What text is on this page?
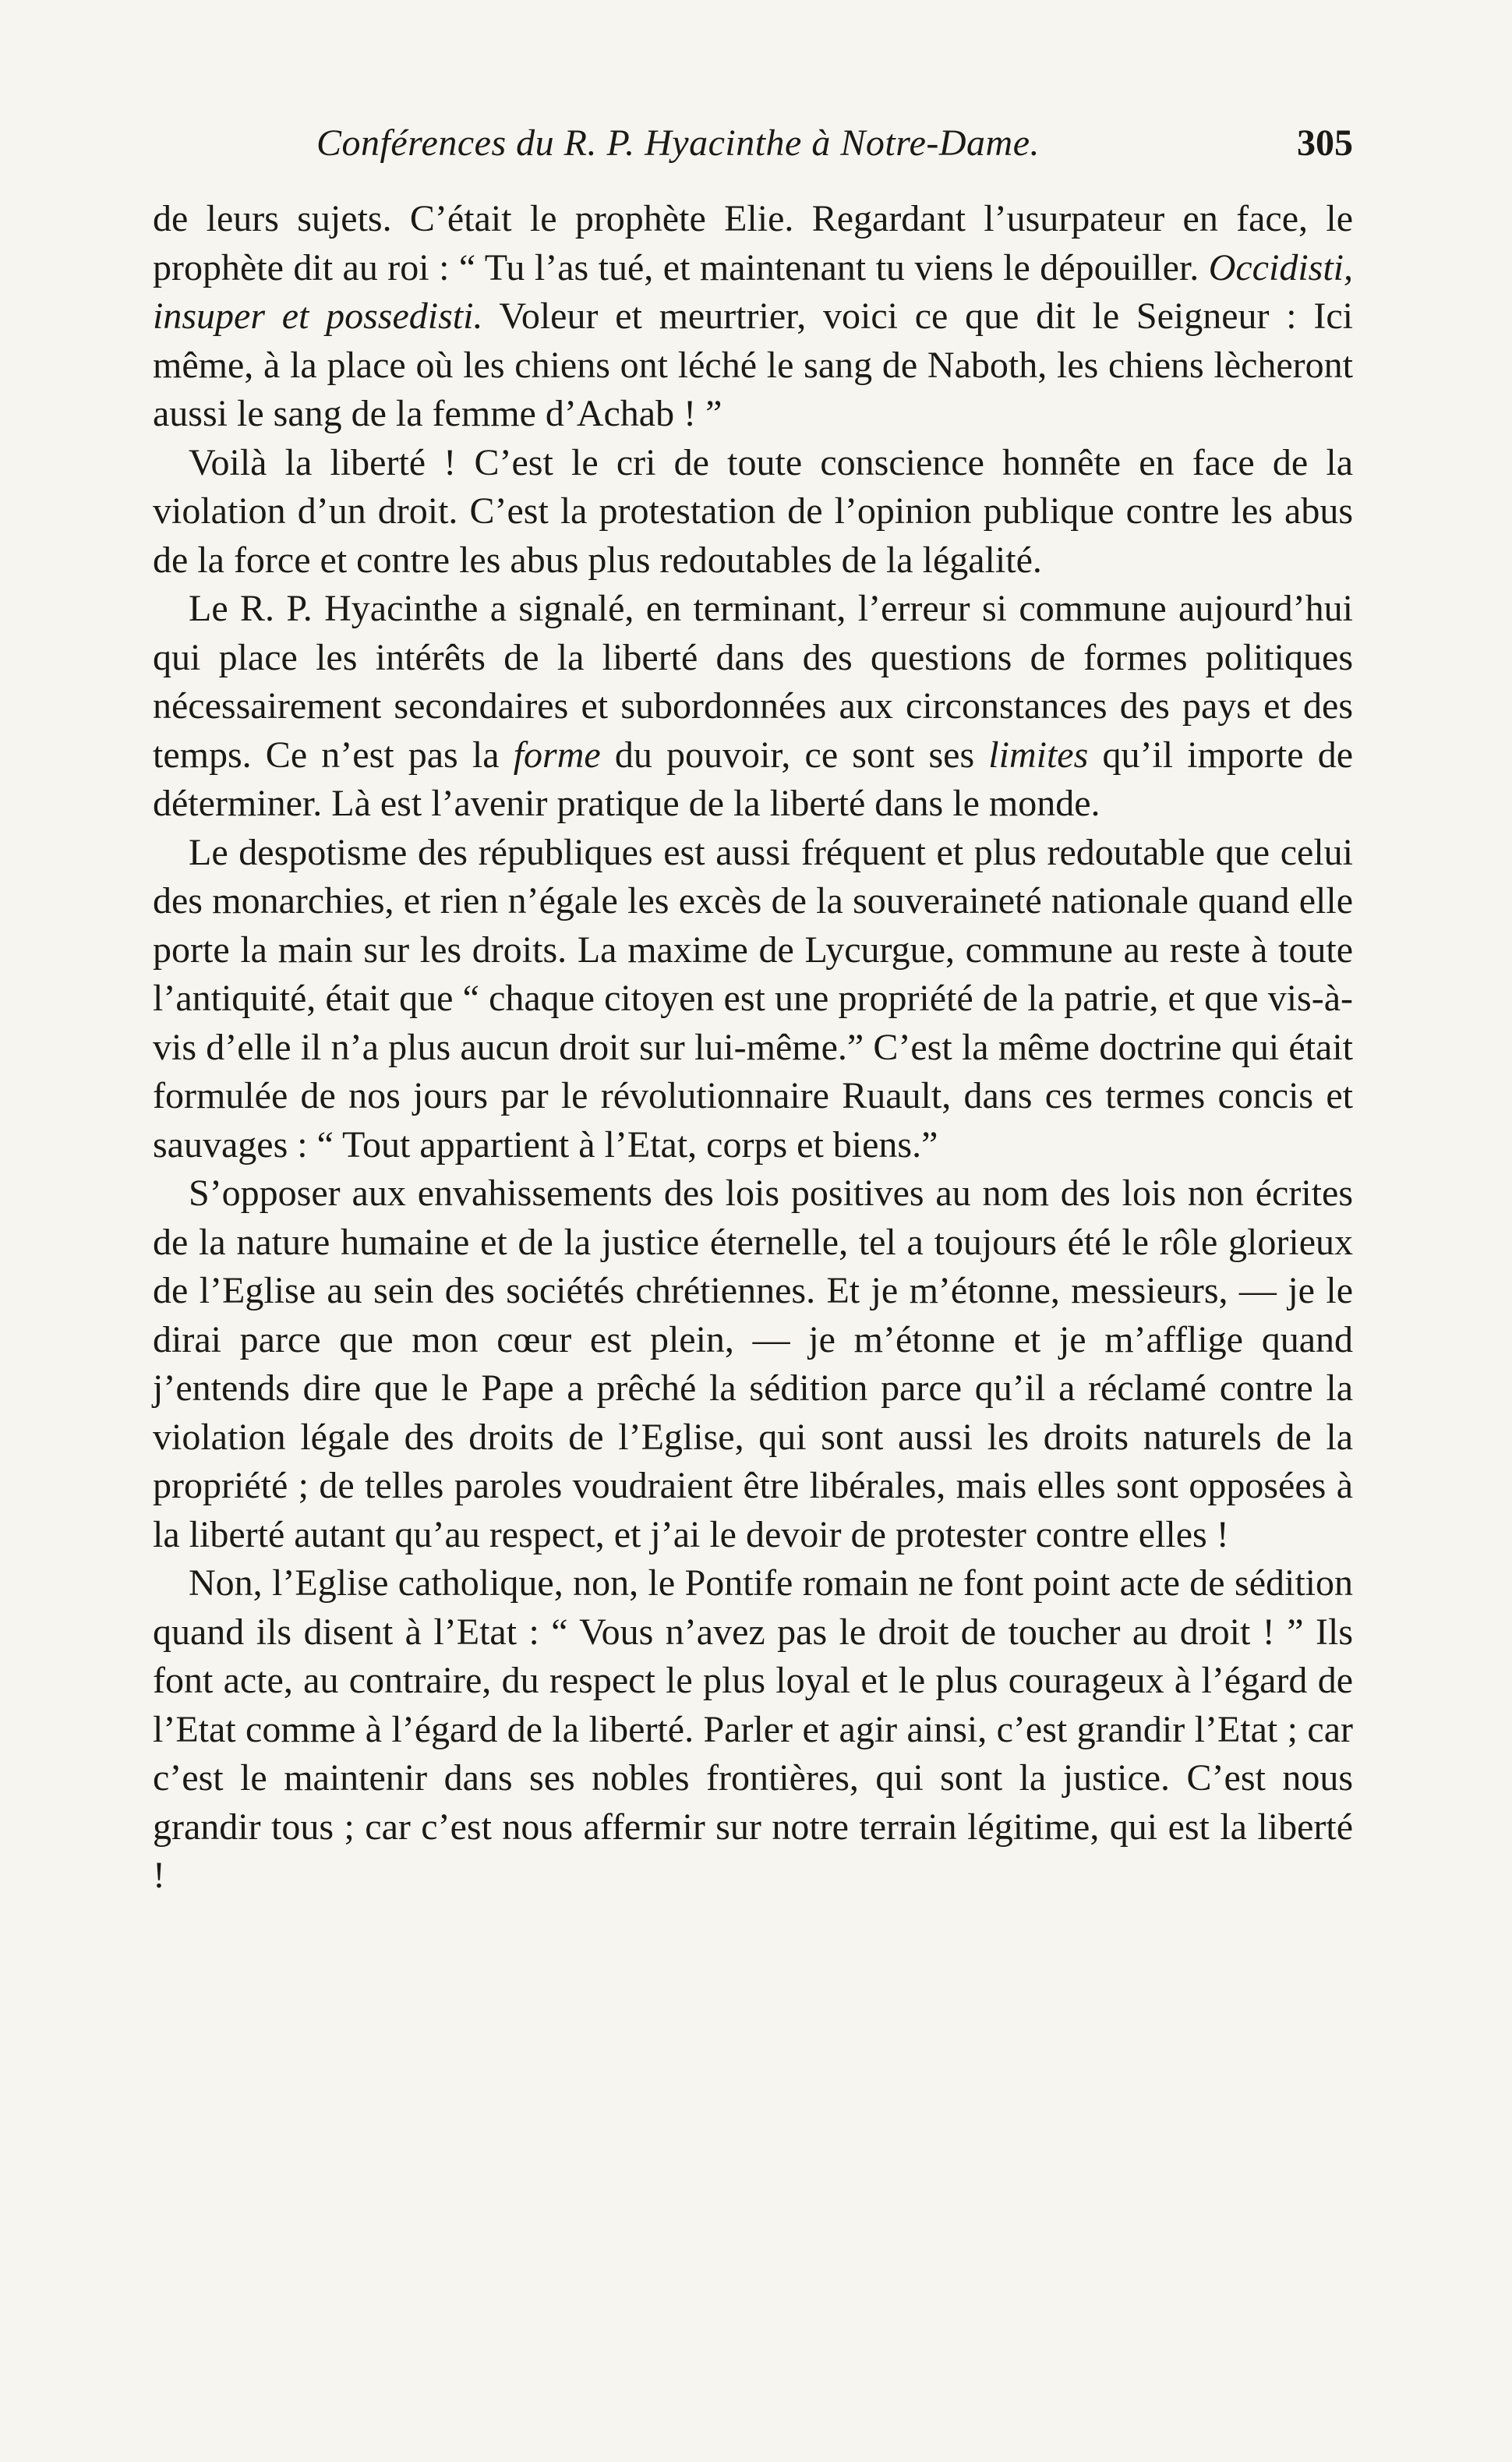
Conférences du R. P. Hyacinthe à Notre-Dame.	305

de leurs sujets. C’était le prophète Elie. Regardant l’usurpateur en face, le prophète dit au roi : “ Tu l’as tué, et maintenant tu viens le dépouiller. Occidisti, insuper et possedisti. Voleur et meurtrier, voici ce que dit le Seigneur : Ici même, à la place où les chiens ont léché le sang de Naboth, les chiens lècheront aussi le sang de la femme d’Achab ! ”

Voilà la liberté ! C’est le cri de toute conscience honnête en face de la violation d’un droit. C’est la protestation de l’opinion publique contre les abus de la force et contre les abus plus redoutables de la légalité.

Le R. P. Hyacinthe a signalé, en terminant, l’erreur si commune aujourd’hui qui place les intérêts de la liberté dans des questions de formes politiques nécessairement secondaires et subordonnées aux circonstances des pays et des temps. Ce n’est pas la forme du pouvoir, ce sont ses limites qu’il importe de déterminer. Là est l’avenir pratique de la liberté dans le monde.

Le despotisme des républiques est aussi fréquent et plus redoutable que celui des monarchies, et rien n’égale les excès de la souveraineté nationale quand elle porte la main sur les droits. La maxime de Lycurgue, commune au reste à toute l’antiquité, était que “ chaque citoyen est une propriété de la patrie, et que vis-à-vis d’elle il n’a plus aucun droit sur lui-même.” C’est la même doctrine qui était formulée de nos jours par le révolutionnaire Ruault, dans ces termes concis et sauvages : “ Tout appartient à l’Etat, corps et biens.”

S’opposer aux envahissements des lois positives au nom des lois non écrites de la nature humaine et de la justice éternelle, tel a toujours été le rôle glorieux de l’Eglise au sein des sociétés chrétiennes. Et je m’étonne, messieurs, — je le dirai parce que mon cœur est plein, — je m’étonne et je m’afflige quand j’entends dire que le Pape a prêché la sédition parce qu’il a réclamé contre la violation légale des droits de l’Eglise, qui sont aussi les droits naturels de la propriété ; de telles paroles voudraient être libérales, mais elles sont opposées à la liberté autant qu’au respect, et j’ai le devoir de protester contre elles !

Non, l’Eglise catholique, non, le Pontife romain ne font point acte de sédition quand ils disent à l’Etat : “ Vous n’avez pas le droit de toucher au droit ! ” Ils font acte, au contraire, du respect le plus loyal et le plus courageux à l’égard de l’Etat comme à l’égard de la liberté. Parler et agir ainsi, c’est grandir l’Etat ; car c’est le maintenir dans ses nobles frontières, qui sont la justice. C’est nous grandir tous ; car c’est nous affermir sur notre terrain légitime, qui est la liberté !
